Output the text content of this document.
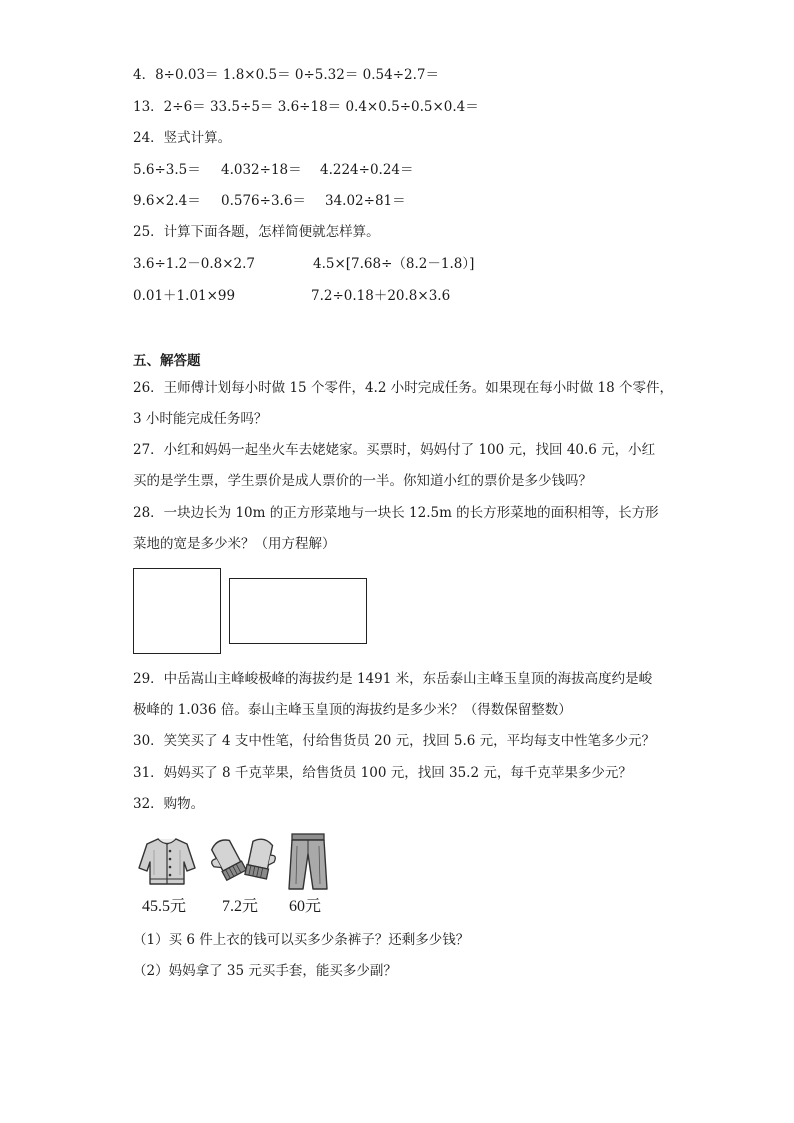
4．8÷0.03＝ 1.8×0.5＝ 0÷5.32＝ 0.54÷2.7＝
13．2÷6＝ 33.5÷5＝ 3.6÷18＝ 0.4×0.5÷0.5×0.4＝
24．竖式计算。
5.6÷3.5＝ 4.032÷18＝ 4.224÷0.24＝
9.6×2.4＝ 0.576÷3.6＝ 34.02÷81＝
25．计算下面各题，怎样简便就怎样算。
3.6÷1.2－0.8×2.7	4.5×[7.68÷（8.2－1.8）]
0.01＋1.01×99	7.2÷0.18＋20.8×3.6
五、解答题
26．王师傅计划每小时做 15 个零件，4.2 小时完成任务。如果现在每小时做 18 个零件，
3 小时能完成任务吗？
27．小红和妈妈一起坐火车去姥姥家。买票时，妈妈付了 100 元，找回 40.6 元，小红
买的是学生票，学生票价是成人票价的一半。你知道小红的票价是多少钱吗？
28．一块边长为 10m 的正方形菜地与一块长 12.5m 的长方形菜地的面积相等，长方形
菜地的宽是多少米？（用方程解）
29．中岳嵩山主峰峻极峰的海拔约是 1491 米，东岳泰山主峰玉皇顶的海拔高度约是峻
极峰的 1.036 倍。泰山主峰玉皇顶的海拔约是多少米？（得数保留整数）
30．笑笑买了 4 支中性笔，付给售货员 20 元，找回 5.6 元，平均每支中性笔多少元？
31．妈妈买了 8 千克苹果，给售货员 100 元，找回 35.2 元，每千克苹果多少元？
32．购物。
45.5元 7.2元 60元
（1）买 6 件上衣的钱可以买多少条裤子？还剩多少钱？
（2）妈妈拿了 35 元买手套，能买多少副？
